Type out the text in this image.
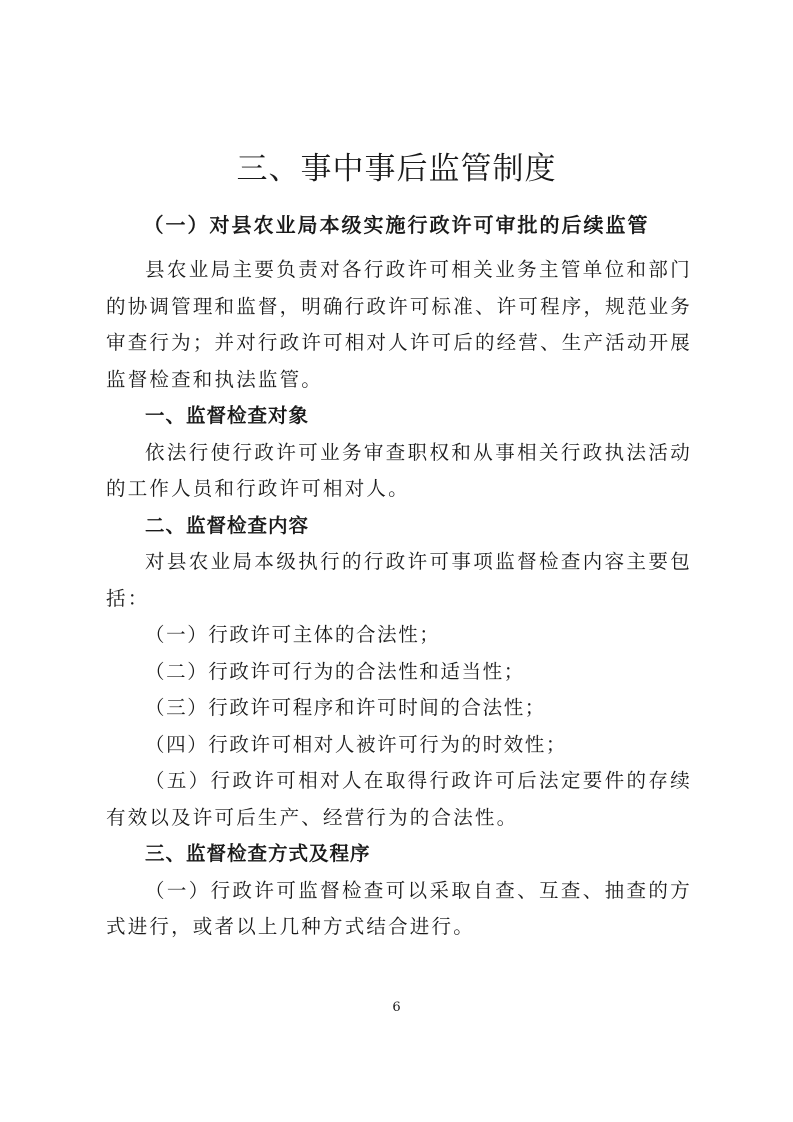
三、事中事后监管制度
（一）对县农业局本级实施行政许可审批的后续监管

县农业局主要负责对各行政许可相关业务主管单位和部门的协调管理和监督，明确行政许可标准、许可程序，规范业务审查行为；并对行政许可相对人许可后的经营、生产活动开展监督检查和执法监管。

一、监督检查对象

依法行使行政许可业务审查职权和从事相关行政执法活动的工作人员和行政许可相对人。

二、监督检查内容

对县农业局本级执行的行政许可事项监督检查内容主要包括：

（一）行政许可主体的合法性；

（二）行政许可行为的合法性和适当性；

（三）行政许可程序和许可时间的合法性；

（四）行政许可相对人被许可行为的时效性；

（五）行政许可相对人在取得行政许可后法定要件的存续有效以及许可后生产、经营行为的合法性。

三、监督检查方式及程序

（一）行政许可监督检查可以采取自查、互查、抽查的方式进行，或者以上几种方式结合进行。

6
